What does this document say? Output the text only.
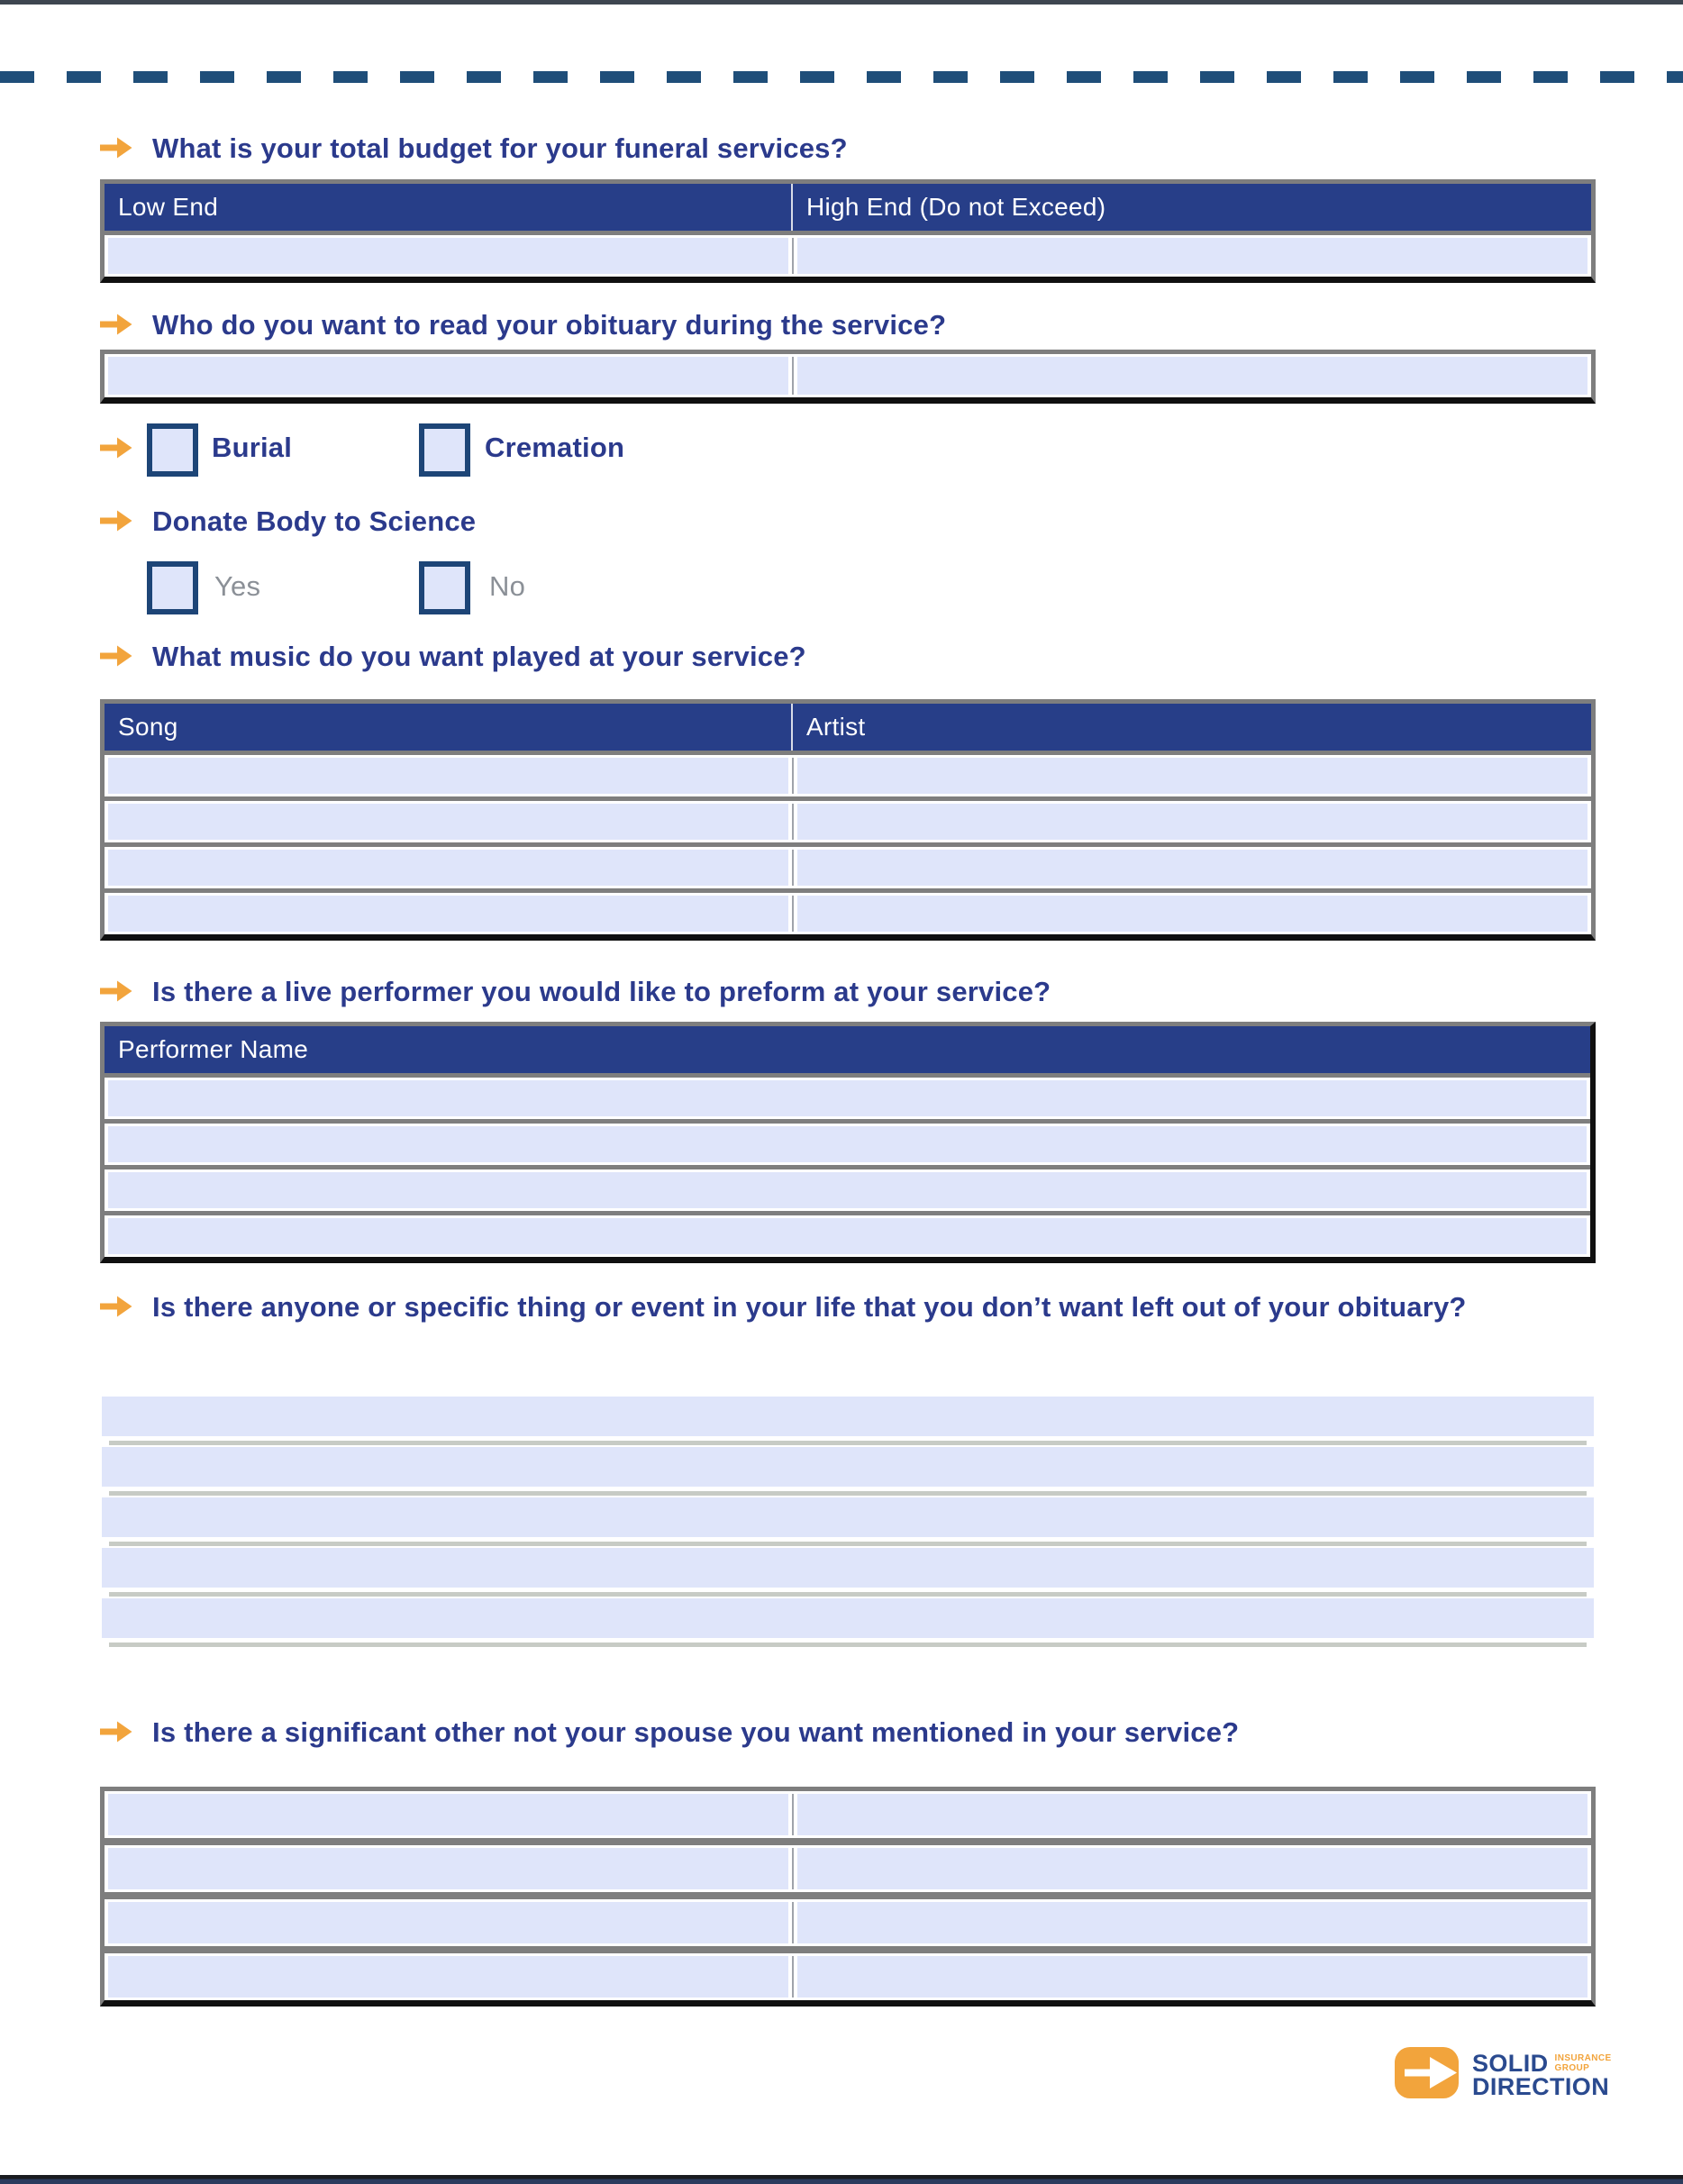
What is your total budget for your funeral services?
Low End	High End (Do not Exceed)
Who do you want to read your obituary during the service?
Burial	Cremation
Donate Body to Science
Yes	No
What music do you want played at your service?
Song	Artist
Is there a live performer you would like to preform at your service?
Performer Name
Is there anyone or specific thing or event in your life that you don’t want left out of your obituary?
Is there a significant other not your spouse you want mentioned in your service?
SOLID INSURANCE
GROUP
DIRECTION
